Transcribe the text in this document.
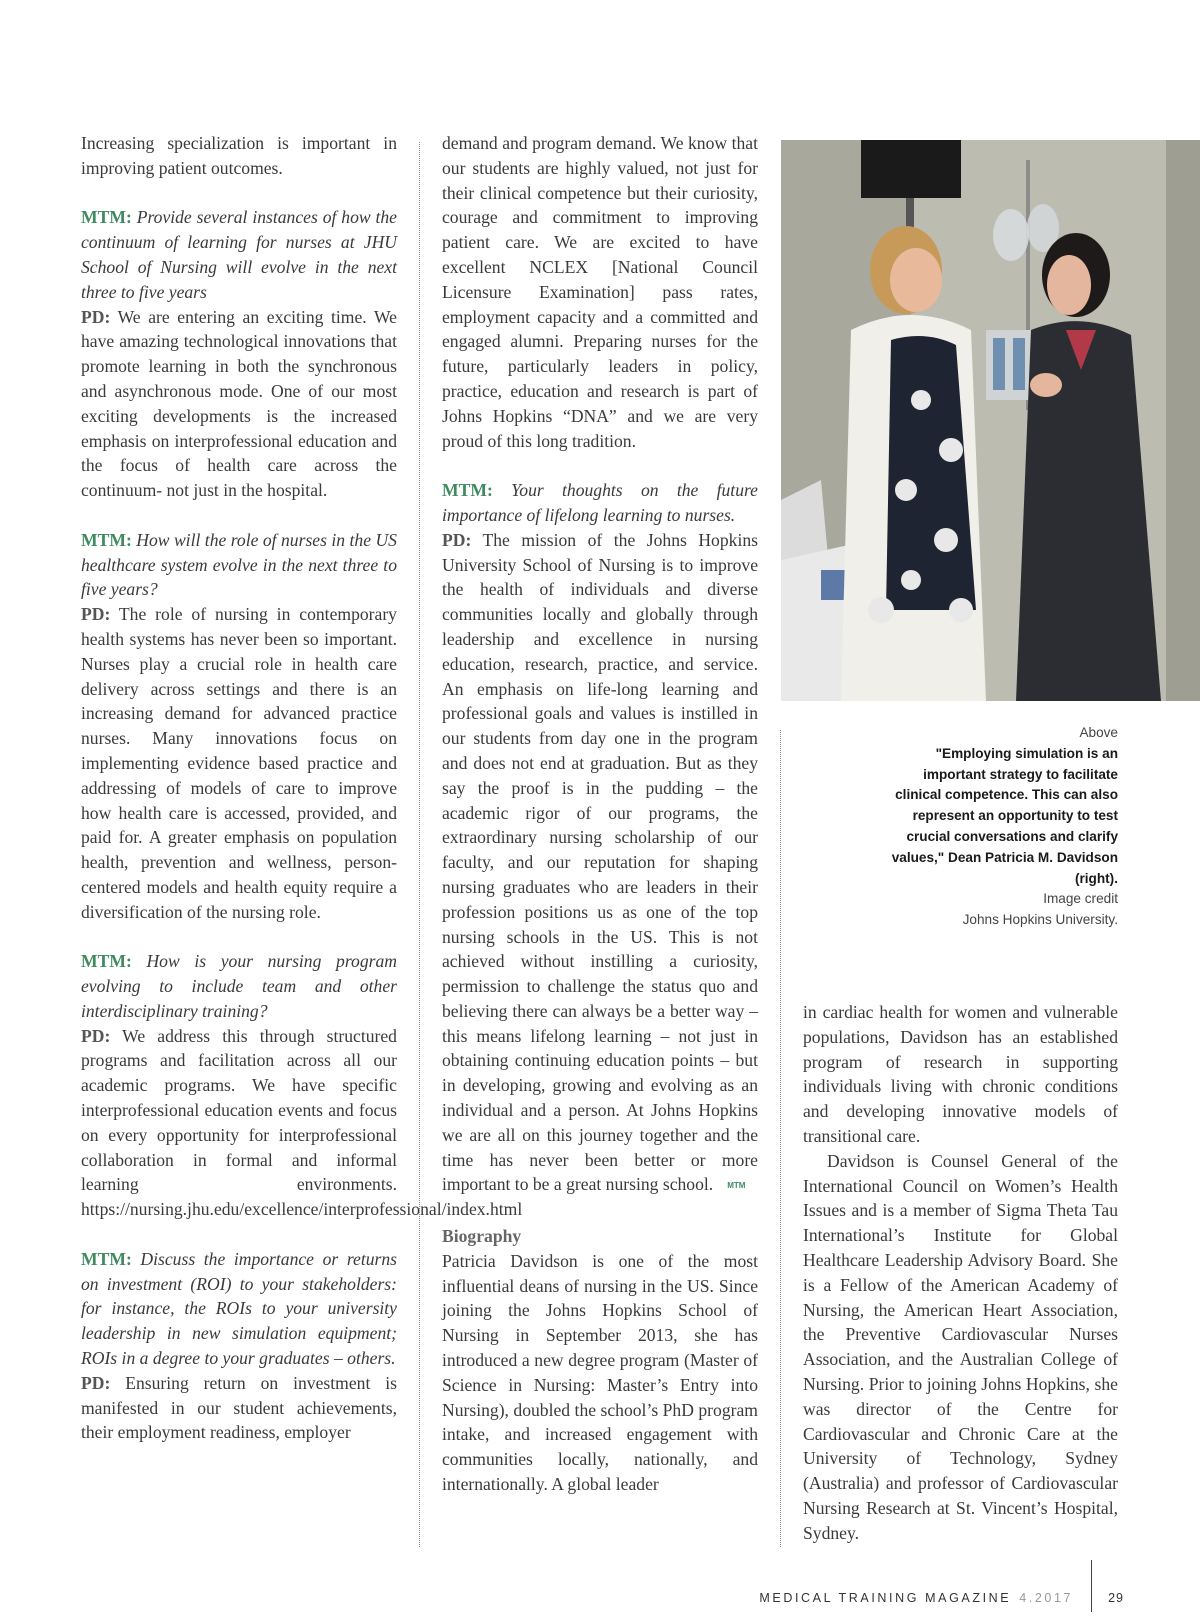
Increasing specialization is important in improving patient outcomes.

MTM: Provide several instances of how the continuum of learning for nurses at JHU School of Nursing will evolve in the next three to five years
PD: We are entering an exciting time. We have amazing technological innovations that promote learning in both the synchronous and asynchronous mode. One of our most exciting developments is the increased emphasis on interprofessional education and the focus of health care across the continuum- not just in the hospital.

MTM: How will the role of nurses in the US healthcare system evolve in the next three to five years?
PD: The role of nursing in contemporary health systems has never been so important. Nurses play a crucial role in health care delivery across settings and there is an increasing demand for advanced practice nurses. Many innovations focus on implementing evidence based practice and addressing of models of care to improve how health care is accessed, provided, and paid for. A greater emphasis on population health, prevention and wellness, person-centered models and health equity require a diversification of the nursing role.

MTM: How is your nursing program evolving to include team and other interdisciplinary training?
PD: We address this through structured programs and facilitation across all our academic programs. We have specific interprofessional education events and focus on every opportunity for interprofessional collaboration in formal and informal learning environments. https://nursing.jhu.edu/excellence/interprofessional/index.html

MTM: Discuss the importance or returns on investment (ROI) to your stakeholders: for instance, the ROIs to your university leadership in new simulation equipment; ROIs in a degree to your graduates – others.
PD: Ensuring return on investment is manifested in our student achievements, their employment readiness, employer

demand and program demand. We know that our students are highly valued, not just for their clinical competence but their curiosity, courage and commitment to improving patient care. We are excited to have excellent NCLEX [National Council Licensure Examination] pass rates, employment capacity and a committed and engaged alumni. Preparing nurses for the future, particularly leaders in policy, practice, education and research is part of Johns Hopkins “DNA” and we are very proud of this long tradition.

MTM: Your thoughts on the future importance of lifelong learning to nurses.
PD: The mission of the Johns Hopkins University School of Nursing is to improve the health of individuals and diverse communities locally and globally through leadership and excellence in nursing education, research, practice, and service. An emphasis on life-long learning and professional goals and values is instilled in our students from day one in the program and does not end at graduation. But as they say the proof is in the pudding – the academic rigor of our programs, the extraordinary nursing scholarship of our faculty, and our reputation for shaping nursing graduates who are leaders in their profession positions us as one of the top nursing schools in the US. This is not achieved without instilling a curiosity, permission to challenge the status quo and believing there can always be a better way – this means lifelong learning – not just in obtaining continuing education points – but in developing, growing and evolving as an individual and a person. At Johns Hopkins we are all on this journey together and the time has never been better or more important to be a great nursing school. MTM

Biography

Patricia Davidson is one of the most influential deans of nursing in the US. Since joining the Johns Hopkins School of Nursing in September 2013, she has introduced a new degree program (Master of Science in Nursing: Master’s Entry into Nursing), doubled the school’s PhD program intake, and increased engagement with communities locally, nationally, and internationally. A global leader

Above
"Employing simulation is an important strategy to facilitate clinical competence. This can also represent an opportunity to test crucial conversations and clarify values," Dean Patricia M. Davidson (right).
Image credit
Johns Hopkins University.

in cardiac health for women and vulnerable populations, Davidson has an established program of research in supporting individuals living with chronic conditions and developing innovative models of transitional care.

Davidson is Counsel General of the International Council on Women’s Health Issues and is a member of Sigma Theta Tau International’s Institute for Global Healthcare Leadership Advisory Board. She is a Fellow of the American Academy of Nursing, the American Heart Association, the Preventive Cardiovascular Nurses Association, and the Australian College of Nursing. Prior to joining Johns Hopkins, she was director of the Centre for Cardiovascular and Chronic Care at the University of Technology, Sydney (Australia) and professor of Cardiovascular Nursing Research at St. Vincent’s Hospital, Sydney.

MEDICAL TRAINING MAGAZINE 4.2017	29
